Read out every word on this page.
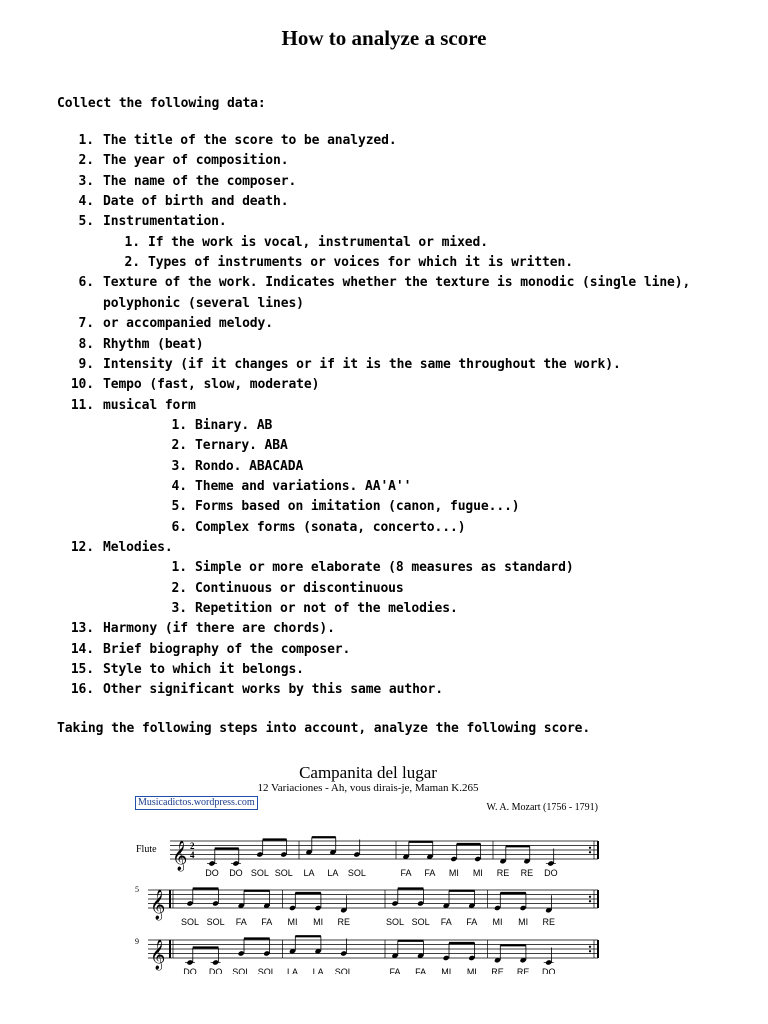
How to analyze a score
Collect the following data:
1. The title of the score to be analyzed.
2. The year of composition.
3. The name of the composer.
4. Date of birth and death.
5. Instrumentation.
1. If the work is vocal, instrumental or mixed.
2. Types of instruments or voices for which it is written.
6. Texture of the work. Indicates whether the texture is monodic (single line),
polyphonic (several lines)
7. or accompanied melody.
8. Rhythm (beat)
9. Intensity (if it changes or if it is the same throughout the work).
10. Tempo (fast, slow, moderate)
11. musical form
1. Binary. AB
2. Ternary. ABA
3. Rondo. ABACADA
4. Theme and variations. AA'A''
5. Forms based on imitation (canon, fugue...)
6. Complex forms (sonata, concerto...)
12. Melodies.
1. Simple or more elaborate (8 measures as standard)
2. Continuous or discontinuous
3. Repetition or not of the melodies.
13. Harmony (if there are chords).
14. Brief biography of the composer.
15. Style to which it belongs.
16. Other significant works by this same author.
Taking the following steps into account, analyze the following score.
𝄞 2
4
𝄞
𝄞
Campanita del lugar
12 Variaciones - Ah, vous dirais-je, Maman K.265
Musicadictos.wordpress.com	W. A. Mozart (1756 - 1791)
Flute
5
9
DO DO SOL SOL LA LA SOL	FA FA MI MI RE RE DO
SOL SOL FA FA MI MI RE	SOL SOL FA FA MI MI RE
DO DO SOL SOL LA LA SOL	FA FA MI MI RE RE DO
